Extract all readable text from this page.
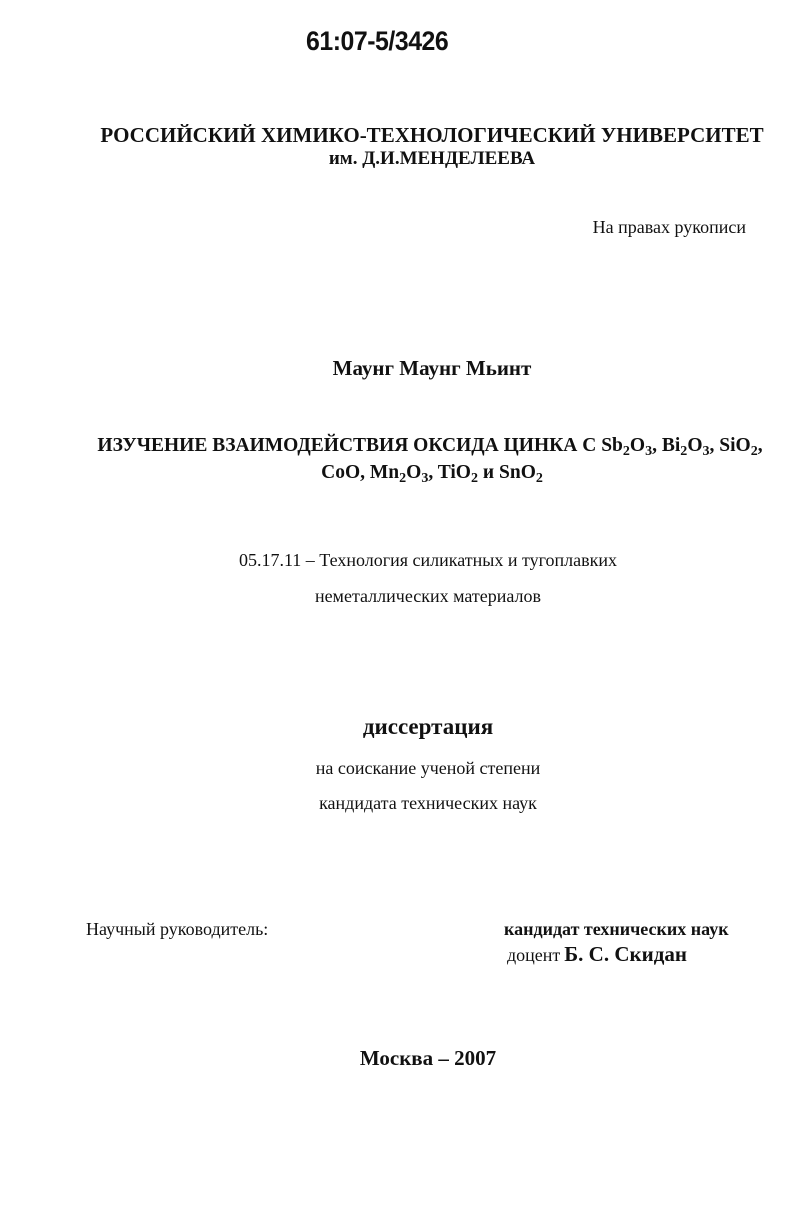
61:07-5/3426
РОССИЙСКИЙ ХИМИКО-ТЕХНОЛОГИЧЕСКИЙ УНИВЕРСИТЕТ
им. Д.И.МЕНДЕЛЕЕВА
На правах рукописи
Маунг Маунг Мьинт
ИЗУЧЕНИЕ ВЗАИМОДЕЙСТВИЯ ОКСИДА ЦИНКА С $Sb_2O_3$, $Bi_2O_3$, SiO$_2$,
CoO, $Mn_2O_3$, TiO$_2$ и SnO$_2$
05.17.11 – Технология силикатных и тугоплавких
неметаллических материалов
диссертация
на соискание ученой степени
кандидата технических наук
Научный руководитель:	кандидат технических наук
доцент Б. С. Скидан
Москва – 2007
